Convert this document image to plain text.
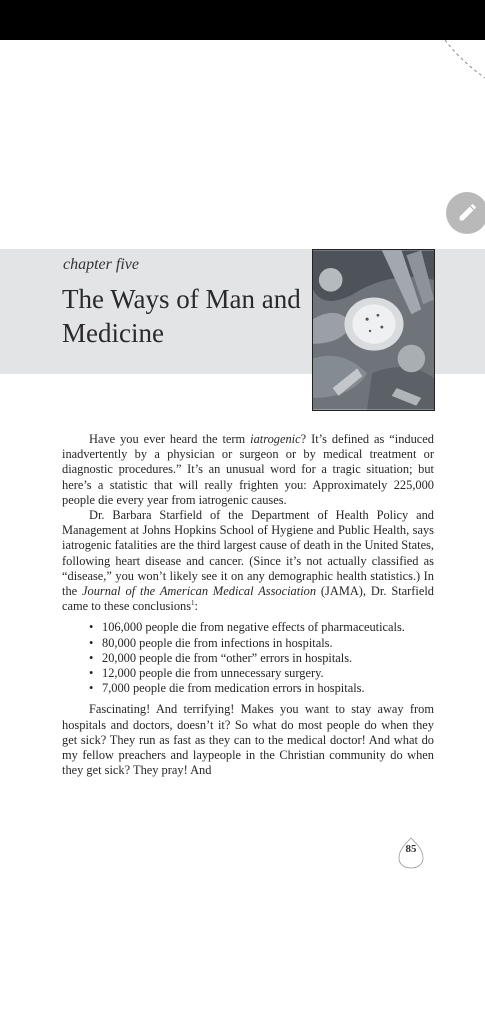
chapter five
The Ways of Man and Medicine

Have you ever heard the term iatrogenic? It’s defined as “induced inadvertently by a physician or surgeon or by medical treatment or diagnostic procedures.” It’s an unusual word for a tragic situation; but here’s a statistic that will really frighten you: Approximately 225,000 people die every year from iatrogenic causes.

Dr. Barbara Starfield of the Department of Health Policy and Management at Johns Hopkins School of Hygiene and Public Health, says iatrogenic fatalities are the third largest cause of death in the United States, following heart disease and cancer. (Since it’s not actually classified as “disease,” you won’t likely see it on any demographic health statistics.) In the Journal of the American Medical Association (JAMA), Dr. Starfield came to these conclusions$^1$:

• 106,000 people die from negative effects of pharmaceuticals.
• 80,000 people die from infections in hospitals.
• 20,000 people die from “other” errors in hospitals.
• 12,000 people die from unnecessary surgery.
• 7,000 people die from medication errors in hospitals.

Fascinating! And terrifying! Makes you want to stay away from hospitals and doctors, doesn’t it? So what do most people do when they get sick? They run as fast as they can to the medical doctor! And what do my fellow preachers and laypeople in the Christian community do when they get sick? They pray! And

85
